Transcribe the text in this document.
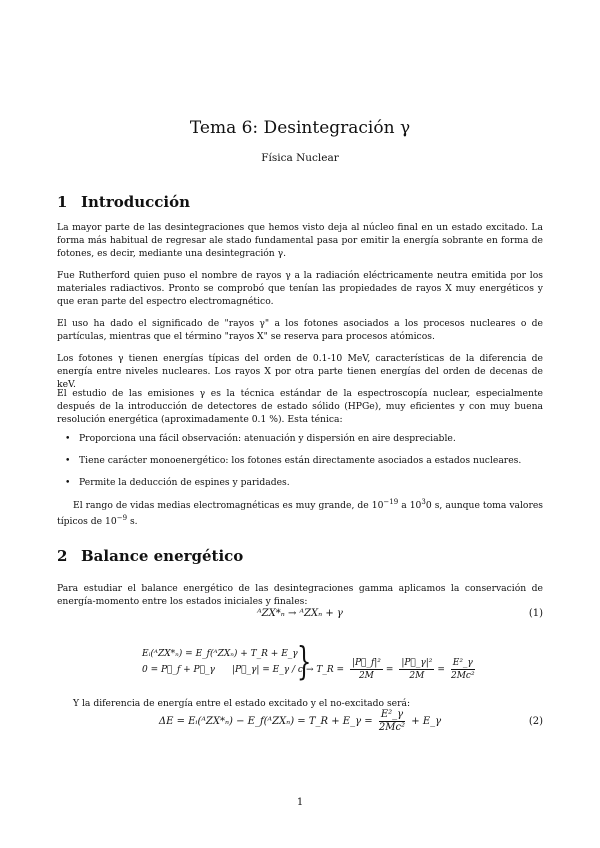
Tema 6: Desintegración γ
Física Nuclear
1 Introducción

La mayor parte de las desintegraciones que hemos visto deja al núcleo final en un estado excitado. La forma más habitual de regresar ale stado fundamental pasa por emitir la energía sobrante en forma de fotones, es decir, mediante una desintegración γ.

Fue Rutherford quien puso el nombre de rayos γ a la radiación eléctricamente neutra emitida por los materiales radiactivos. Pronto se comprobó que tenían las propiedades de rayos X muy energéticos y que eran parte del espectro electromagnético.

El uso ha dado el significado de "rayos γ" a los fotones asociados a los procesos nucleares o de partículas, mientras que el término "rayos X" se reserva para procesos atómicos.

Los fotones γ tienen energías típicas del orden de 0.1-10 MeV, características de la diferencia de energía entre niveles nucleares. Los rayos X por otra parte tienen energías del orden de decenas de keV.

El estudio de las emisiones γ es la técnica estándar de la espectroscopía nuclear, especialmente después de la introducción de detectores de estado sólido (HPGe), muy eficientes y con muy buena resolución energética (aproximadamente 0.1 %). Esta ténica:

• Proporciona una fácil observación: atenuación y dispersión en aire despreciable.
• Tiene carácter monoenergético: los fotones están directamente asociados a estados nucleares.
• Permite la deducción de espines y paridades.

El rango de vidas medias electromagnéticas es muy grande, de $10^{-19}$ a $10^30$ s, aunque toma valores típicos de $10^{-9}$ s.

2 Balance energético

Para estudiar el balance energético de las desintegraciones gamma aplicamos la conservación de energía-momento entre los estados iniciales y finales:

ᴬ𝑍X*ₙ → ᴬ𝑍Xₙ + γ	(1)
Eᵢ(ᴬ𝑍X*ₙ) = E_f(ᴬ𝑍Xₙ) + T_R + E_γ
0 = P⃗_f + P⃗_γ |P⃗_γ| = E_γ / c
}
→ T_R = $\frac{\text{|P⃗\_f|²}}{2M} = \frac{\text{|P⃗\_γ|²}}{2M} = \frac{\text{E²\_γ}}{\text{2Mc²}}$

Y la diferencia de energía entre el estado excitado y el no-excitado será:

ΔE = Eᵢ(ᴬ𝑍X*ₙ) − E_f(ᴬ𝑍Xₙ) = T_R + E_γ = $\frac{\text{E²\_γ}}{\text{2Mc²}}$ + E_γ	(2)
1
